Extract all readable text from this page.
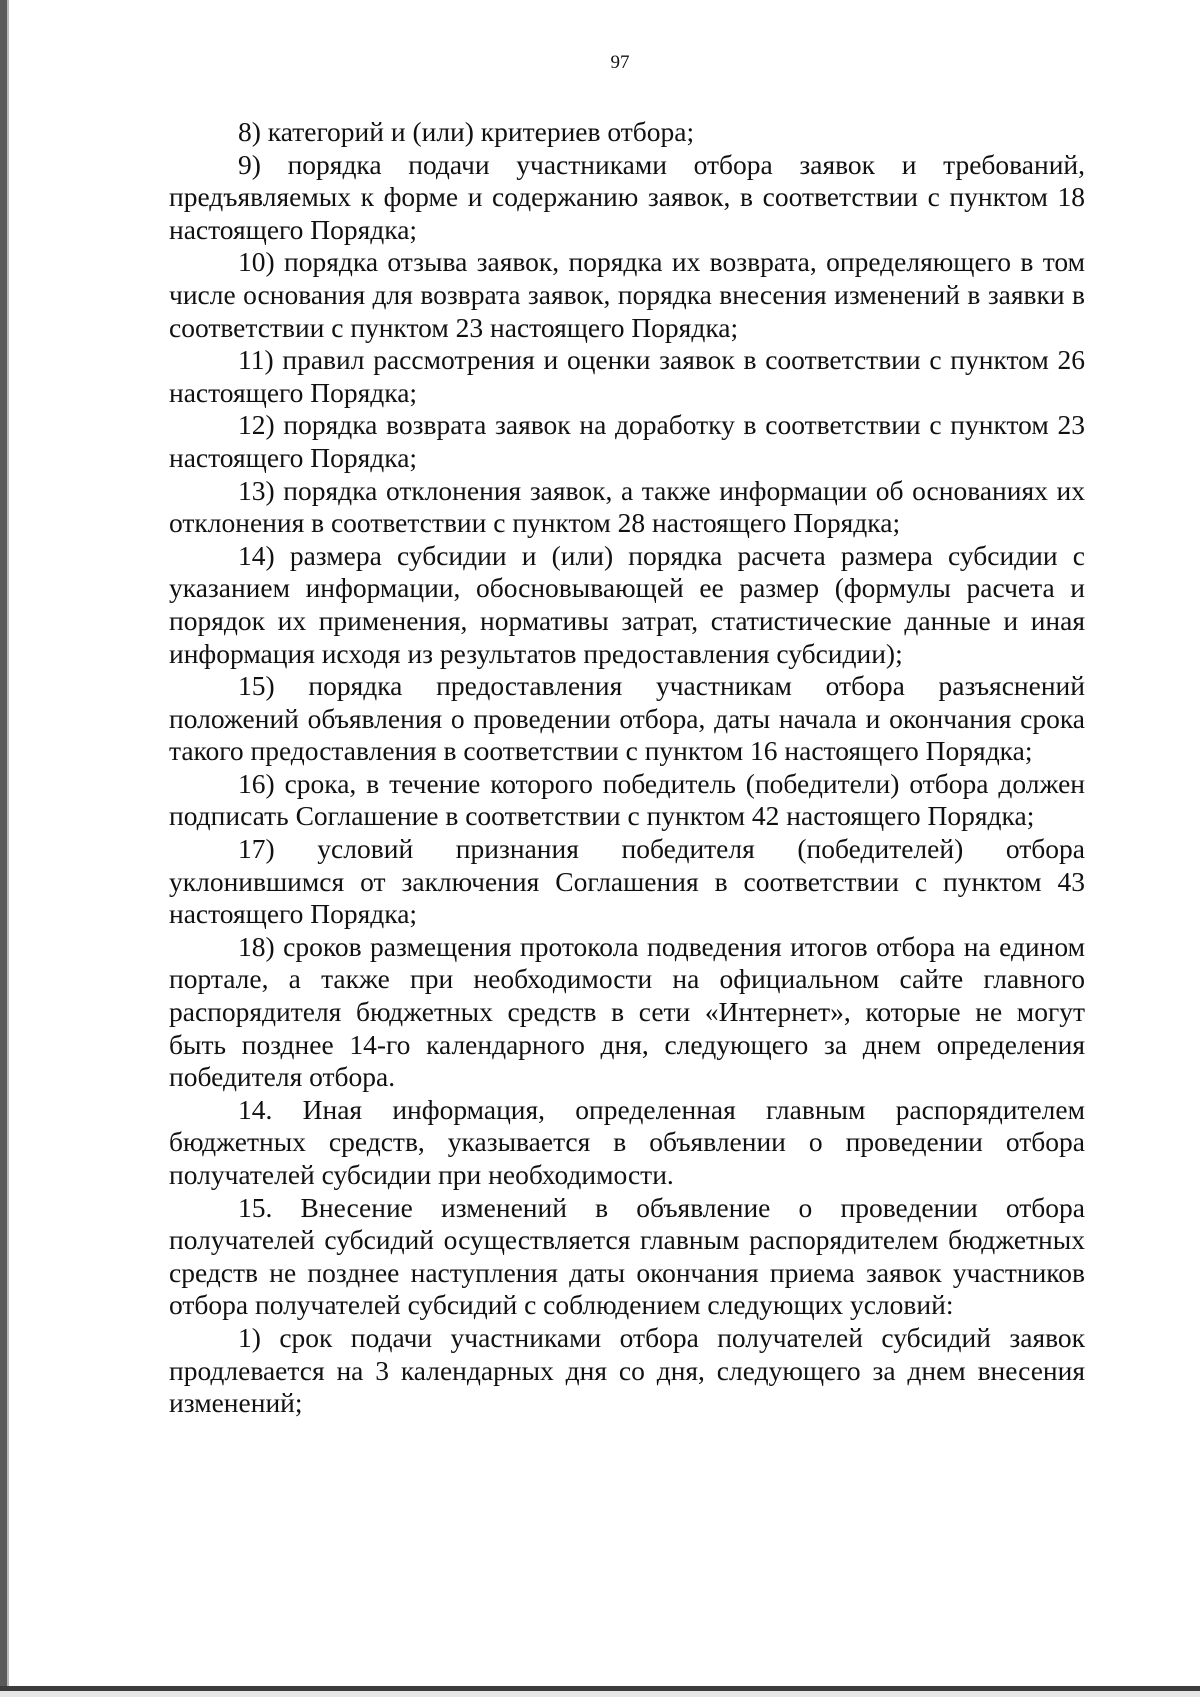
97

8) категорий и (или) критериев отбора;

9) порядка подачи участниками отбора заявок и требований, предъявляемых к форме и содержанию заявок, в соответствии с пунктом 18 настоящего Порядка;

10) порядка отзыва заявок, порядка их возврата, определяющего в том числе основания для возврата заявок, порядка внесения изменений в заявки в соответствии с пунктом 23 настоящего Порядка;

11) правил рассмотрения и оценки заявок в соответствии с пунктом 26 настоящего Порядка;

12) порядка возврата заявок на доработку в соответствии с пунктом 23 настоящего Порядка;

13) порядка отклонения заявок, а также информации об основаниях их отклонения в соответствии с пунктом 28 настоящего Порядка;

14) размера субсидии и (или) порядка расчета размера субсидии с указанием информации, обосновывающей ее размер (формулы расчета и порядок их применения, нормативы затрат, статистические данные и иная информация исходя из результатов предоставления субсидии);

15) порядка предоставления участникам отбора разъяснений положений объявления о проведении отбора, даты начала и окончания срока такого предоставления в соответствии с пунктом 16 настоящего Порядка;

16) срока, в течение которого победитель (победители) отбора должен подписать Соглашение в соответствии с пунктом 42 настоящего Порядка;

17) условий признания победителя (победителей) отбора уклонившимся от заключения Соглашения в соответствии с пунктом 43 настоящего Порядка;

18) сроков размещения протокола подведения итогов отбора на едином портале, а также при необходимости на официальном сайте главного распорядителя бюджетных средств в сети «Интернет», которые не могут быть позднее 14-го календарного дня, следующего за днем определения победителя отбора.

14. Иная информация, определенная главным распорядителем бюджетных средств, указывается в объявлении о проведении отбора получателей субсидии при необходимости.

15. Внесение изменений в объявление о проведении отбора получателей субсидий осуществляется главным распорядителем бюджетных средств не позднее наступления даты окончания приема заявок участников отбора получателей субсидий с соблюдением следующих условий:

1) срок подачи участниками отбора получателей субсидий заявок продлевается на 3 календарных дня со дня, следующего за днем внесения изменений;
